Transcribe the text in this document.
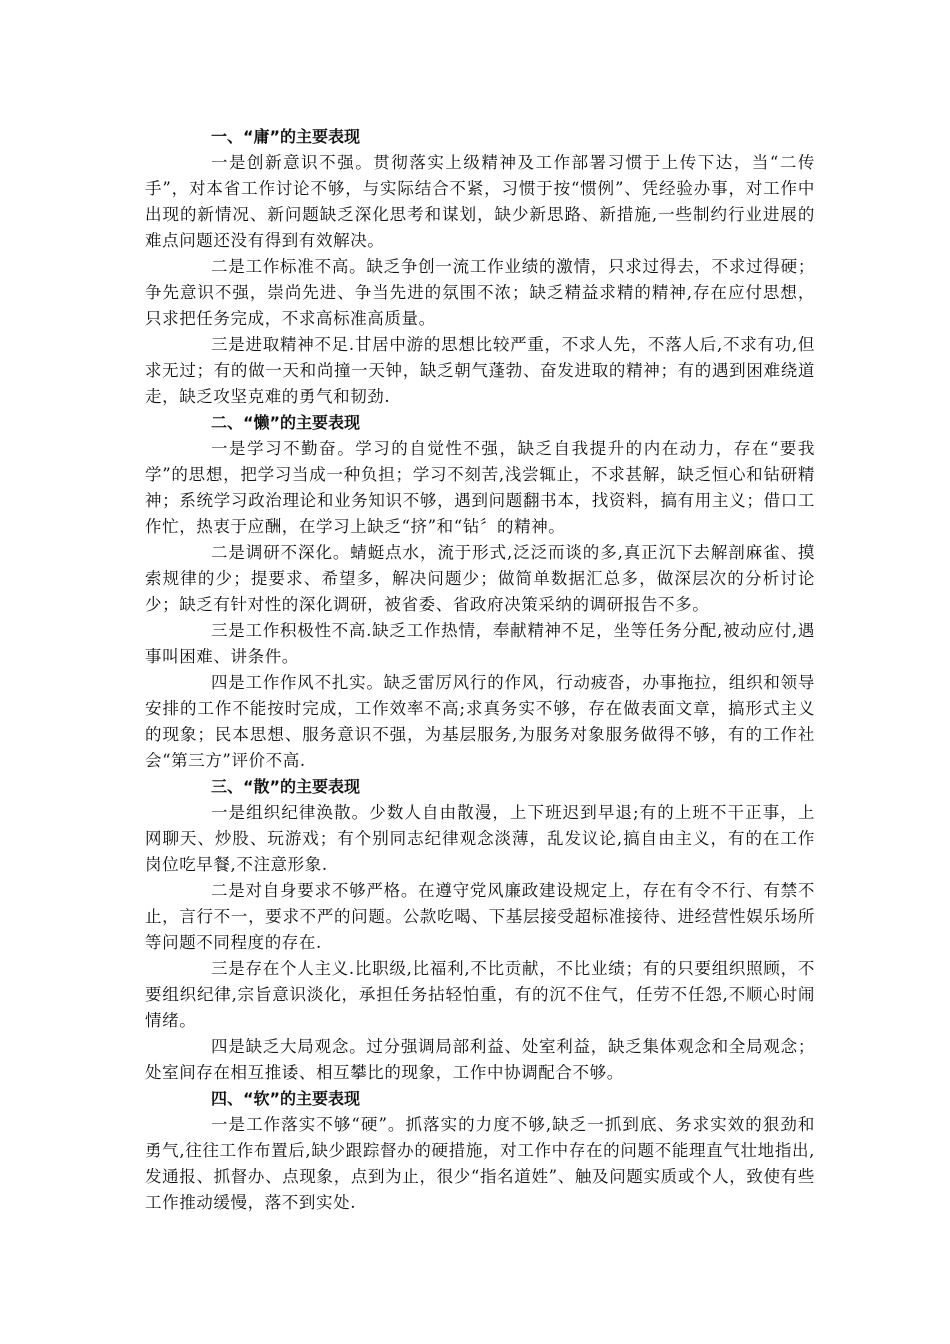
一、“庸”的主要表现

一是创新意识不强。贯彻落实上级精神及工作部署习惯于上传下达，当“二传手”，对本省工作讨论不够，与实际结合不紧，习惯于按“惯例”、凭经验办事，对工作中出现的新情况、新问题缺乏深化思考和谋划，缺少新思路、新措施,一些制约行业进展的难点问题还没有得到有效解决。

二是工作标准不高。缺乏争创一流工作业绩的激情，只求过得去，不求过得硬；争先意识不强，崇尚先进、争当先进的氛围不浓；缺乏精益求精的精神,存在应付思想，只求把任务完成，不求高标准高质量。

三是进取精神不足.甘居中游的思想比较严重，不求人先，不落人后,不求有功,但求无过；有的做一天和尚撞一天钟，缺乏朝气蓬勃、奋发进取的精神；有的遇到困难绕道走，缺乏攻坚克难的勇气和韧劲.

二、“懒”的主要表现

一是学习不勤奋。学习的自觉性不强，缺乏自我提升的内在动力，存在“要我学”的思想，把学习当成一种负担；学习不刻苦,浅尝辄止，不求甚解，缺乏恒心和钻研精神；系统学习政治理论和业务知识不够，遇到问题翻书本，找资料，搞有用主义；借口工作忙，热衷于应酬，在学习上缺乏“挤”和“钻〞的精神。

二是调研不深化。蜻蜓点水，流于形式,泛泛而谈的多,真正沉下去解剖麻雀、摸索规律的少；提要求、希望多，解决问题少；做简单数据汇总多，做深层次的分析讨论少；缺乏有针对性的深化调研，被省委、省政府决策采纳的调研报告不多。

三是工作积极性不高.缺乏工作热情，奉献精神不足，坐等任务分配,被动应付,遇事叫困难、讲条件。

四是工作作风不扎实。缺乏雷厉风行的作风，行动疲沓，办事拖拉，组织和领导安排的工作不能按时完成，工作效率不高;求真务实不够，存在做表面文章，搞形式主义的现象；民本思想、服务意识不强，为基层服务,为服务对象服务做得不够，有的工作社会“第三方”评价不高.

三、“散”的主要表现

一是组织纪律涣散。少数人自由散漫，上下班迟到早退;有的上班不干正事，上网聊天、炒股、玩游戏；有个别同志纪律观念淡薄，乱发议论,搞自由主义，有的在工作岗位吃早餐,不注意形象.

二是对自身要求不够严格。在遵守党风廉政建设规定上，存在有令不行、有禁不止，言行不一，要求不严的问题。公款吃喝、下基层接受超标准接待、进经营性娱乐场所等问题不同程度的存在.

三是存在个人主义.比职级,比福利,不比贡献，不比业绩；有的只要组织照顾，不要组织纪律,宗旨意识淡化，承担任务拈轻怕重，有的沉不住气，任劳不任怨,不顺心时闹情绪。

四是缺乏大局观念。过分强调局部利益、处室利益，缺乏集体观念和全局观念；处室间存在相互推诿、相互攀比的现象，工作中协调配合不够。

四、“软”的主要表现

一是工作落实不够“硬”。抓落实的力度不够,缺乏一抓到底、务求实效的狠劲和勇气,往往工作布置后,缺少跟踪督办的硬措施，对工作中存在的问题不能理直气壮地指出,发通报、抓督办、点现象，点到为止，很少“指名道姓”、触及问题实质或个人，致使有些工作推动缓慢，落不到实处.
